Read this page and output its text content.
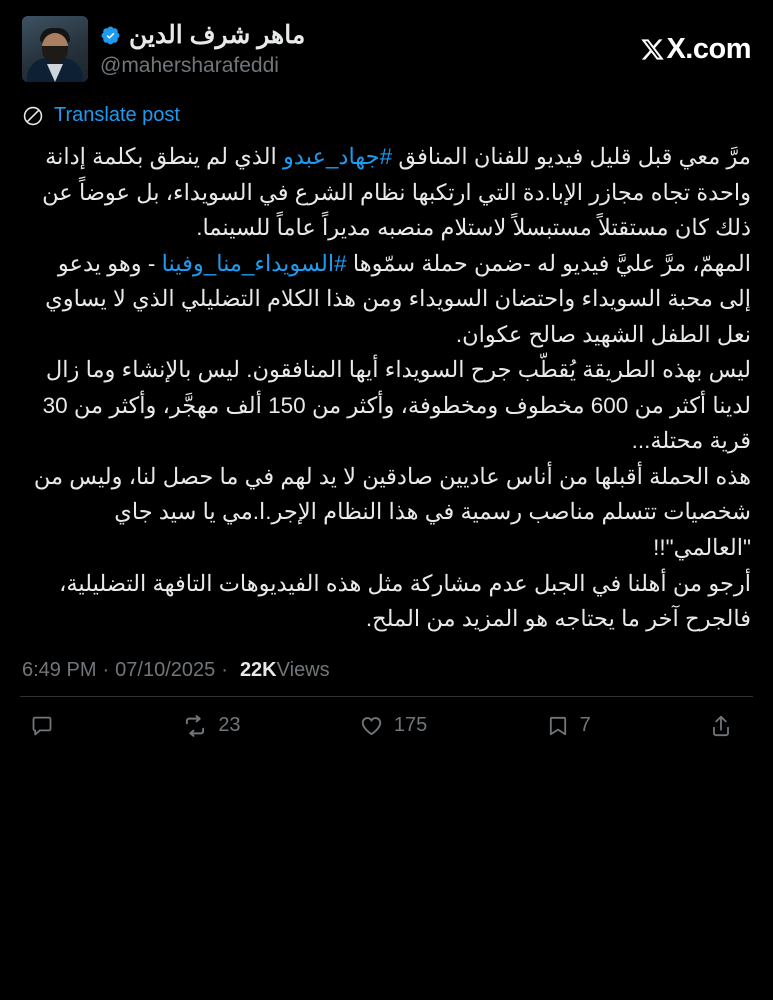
ماهر شرف الدين
@mahersharafeddi
X.com
Translate post
مرَّ معي قبل قليل فيديو للفنان المنافق #جهاد_عبدو الذي لم ينطق بكلمة إدانة واحدة تجاه مجازر الإبا.دة التي ارتكبها نظام الشرع في السويداء، بل عوضاً عن ذلك كان مستقتلاً مستبسلاً لاستلام منصبه مديراً عاماً للسينما.
المهمّ، مرَّ عليَّ فيديو له -ضمن حملة سمّوها #السويداء_منا_وفينا - وهو يدعو إلى محبة السويداء واحتضان السويداء ومن هذا الكلام التضليلي الذي لا يساوي نعل الطفل الشهيد صالح عكوان.
ليس بهذه الطريقة يُقطّب جرح السويداء أيها المنافقون. ليس بالإنشاء وما زال لدينا أكثر من 600 مخطوف ومخطوفة، وأكثر من 150 ألف مهجَّر، وأكثر من 30 قرية محتلة...
هذه الحملة أقبلها من أناس عاديين صادقين لا يد لهم في ما حصل لنا، وليس من شخصيات تتسلم مناصب رسمية في هذا النظام الإجر.ا.مي يا سيد جاي "العالمي"!!
أرجو من أهلنا في الجبل عدم مشاركة مثل هذه الفيديوهات التافهة التضليلية، فالجرح آخر ما يحتاجه هو المزيد من الملح.
6:49 PM · 07/10/2025 · 22K Views
23	175	7
